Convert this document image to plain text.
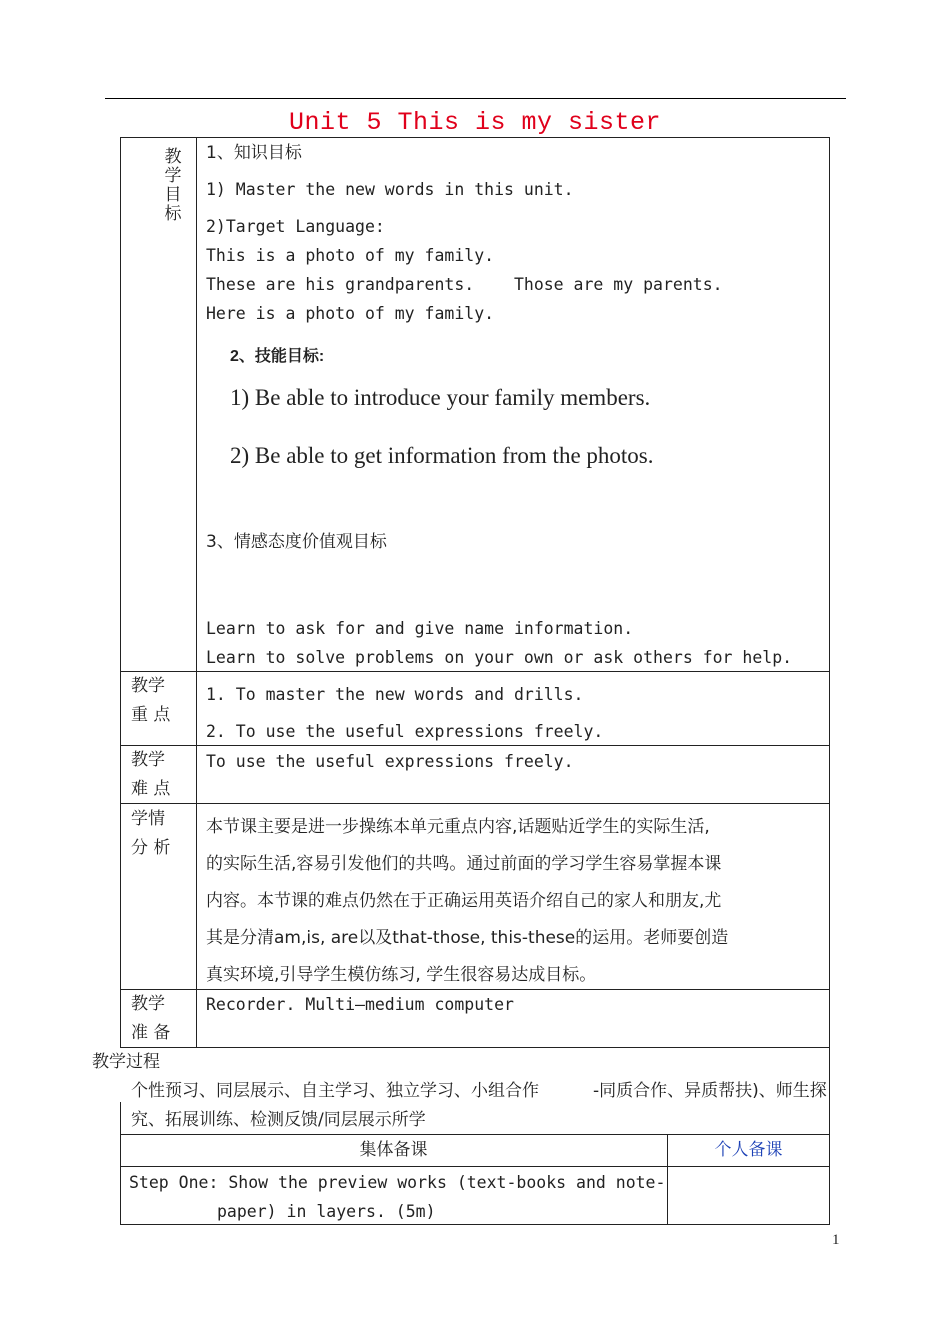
Unit 5 This is my sister
教
学
目
标
1、知识目标
1) Master the new words in this unit.
2)Target Language:
This is a photo of my family.
These are his grandparents.    Those are my parents.
Here is a photo of my family.
2、技能目标:
1) Be able to introduce your family members.
2) Be able to get information from the photos.
3、情感态度价值观目标
Learn to ask for and give name information.
Learn to solve problems on your own or ask others for help.
教学
重 点
1. To master the new words and drills.
2. To use the useful expressions freely.
教学
难 点
To use the useful expressions freely.
学情
分 析
本节课主要是进一步操练本单元重点内容,话题贴近学生的实际生活,
的实际生活,容易引发他们的共鸣。通过前面的学习学生容易掌握本课
内容。本节课的难点仍然在于正确运用英语介绍自己的家人和朋友,尤
其是分清am,is, are以及that-those, this-these的运用。老师要创造
真实环境,引导学生模仿练习, 学生很容易达成目标。
教学
准 备
Recorder. Multi—medium computer
教学过程
个性预习、同层展示、自主学习、独立学习、小组合作          -同质合作、异质帮扶)、师生探
究、拓展训练、检测反馈/同层展示所学
集体备课	个人备课
Step One: Show the preview works (text-books and note-
paper) in layers. (5m)
1
